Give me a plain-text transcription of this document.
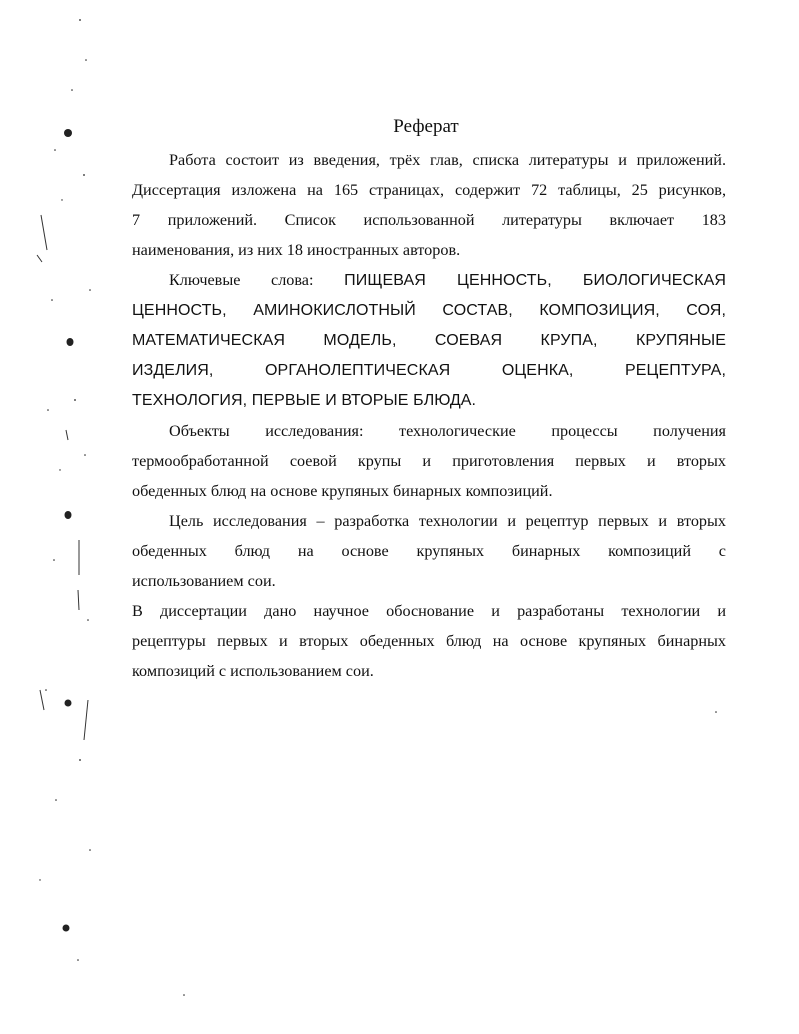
Реферат
Работа состоит из введения, трёх глав, списка литературы и приложений.
Диссертация изложена на 165 страницах, содержит 72 таблицы, 25 рисунков,
7 приложений. Список использованной литературы включает 183
наименования, из них 18 иностранных авторов.
Ключевые слова: ПИЩЕВАЯ ЦЕННОСТЬ, БИОЛОГИЧЕСКАЯ
ЦЕННОСТЬ, АМИНОКИСЛОТНЫЙ СОСТАВ, КОМПОЗИЦИЯ, СОЯ,
МАТЕМАТИЧЕСКАЯ МОДЕЛЬ, СОЕВАЯ КРУПА, КРУПЯНЫЕ
ИЗДЕЛИЯ, ОРГАНОЛЕПТИЧЕСКАЯ ОЦЕНКА, РЕЦЕПТУРА,
ТЕХНОЛОГИЯ, ПЕРВЫЕ И ВТОРЫЕ БЛЮДА.
Объекты исследования: технологические процессы получения
термообработанной соевой крупы и приготовления первых и вторых
обеденных блюд на основе крупяных бинарных композиций.
Цель исследования – разработка технологии и рецептур первых и вторых
обеденных блюд на основе крупяных бинарных композиций с
использованием сои.
В диссертации дано научное обоснование и разработаны технологии и
рецептуры первых и вторых обеденных блюд на основе крупяных бинарных
композиций с использованием сои.
